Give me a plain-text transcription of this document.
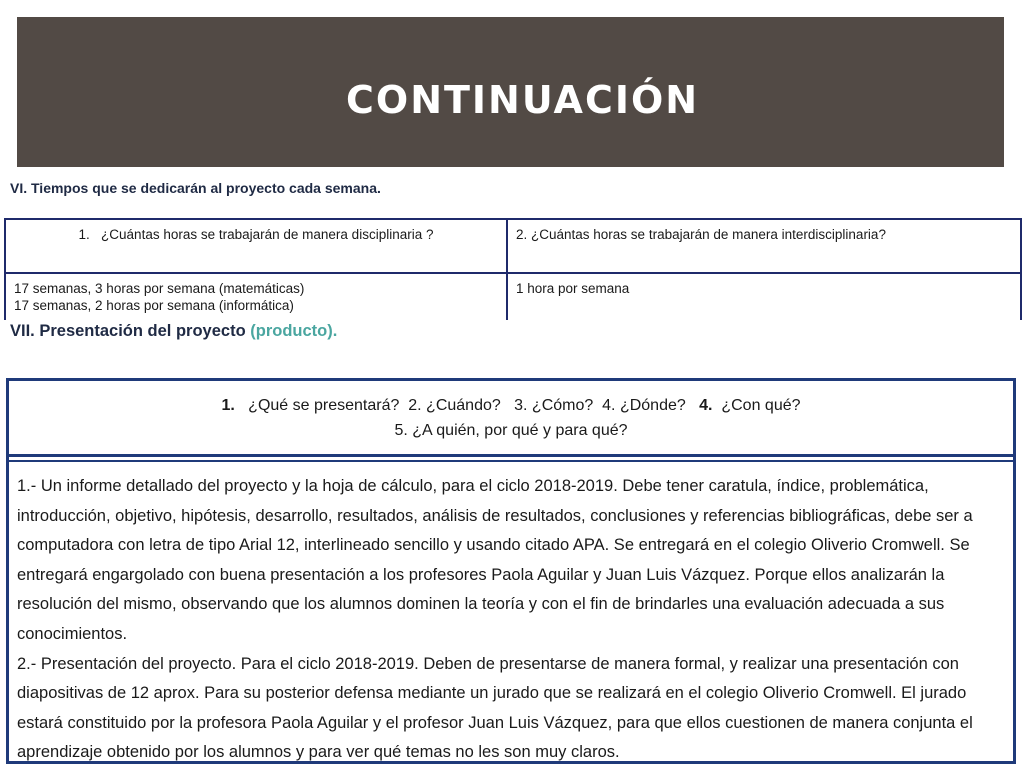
CONTINUACIÓN

VI. Tiempos que se dedicarán al proyecto cada semana.

1. ¿Cuántas horas se trabajarán de manera disciplinaria ?	2. ¿Cuántas horas se trabajarán de manera interdisciplinaria?

17 semanas, 3 horas por semana (matemáticas)
17 semanas, 2 horas por semana (informática)	1 hora por semana

VII. Presentación del proyecto (producto).

1. ¿Qué se presentará? 2. ¿Cuándo? 3. ¿Cómo? 4. ¿Dónde? 4. ¿Con qué?
5. ¿A quién, por qué y para qué?

1.- Un informe detallado del proyecto y la hoja de cálculo, para el ciclo 2018-2019. Debe tener caratula, índice, problemática, introducción, objetivo, hipótesis, desarrollo, resultados, análisis de resultados, conclusiones y referencias bibliográficas, debe ser a computadora con letra de tipo Arial 12, interlineado sencillo y usando citado APA. Se entregará en el colegio Oliverio Cromwell. Se entregará engargolado con buena presentación a los profesores Paola Aguilar y Juan Luis Vázquez. Porque ellos analizarán la resolución del mismo, observando que los alumnos dominen la teoría y con el fin de brindarles una evaluación adecuada a sus conocimientos.

2.- Presentación del proyecto. Para el ciclo 2018-2019. Deben de presentarse de manera formal, y realizar una presentación con diapositivas de 12 aprox. Para su posterior defensa mediante un jurado que se realizará en el colegio Oliverio Cromwell. El jurado estará constituido por la profesora Paola Aguilar y el profesor Juan Luis Vázquez, para que ellos cuestionen de manera conjunta el aprendizaje obtenido por los alumnos y para ver qué temas no les son muy claros.
